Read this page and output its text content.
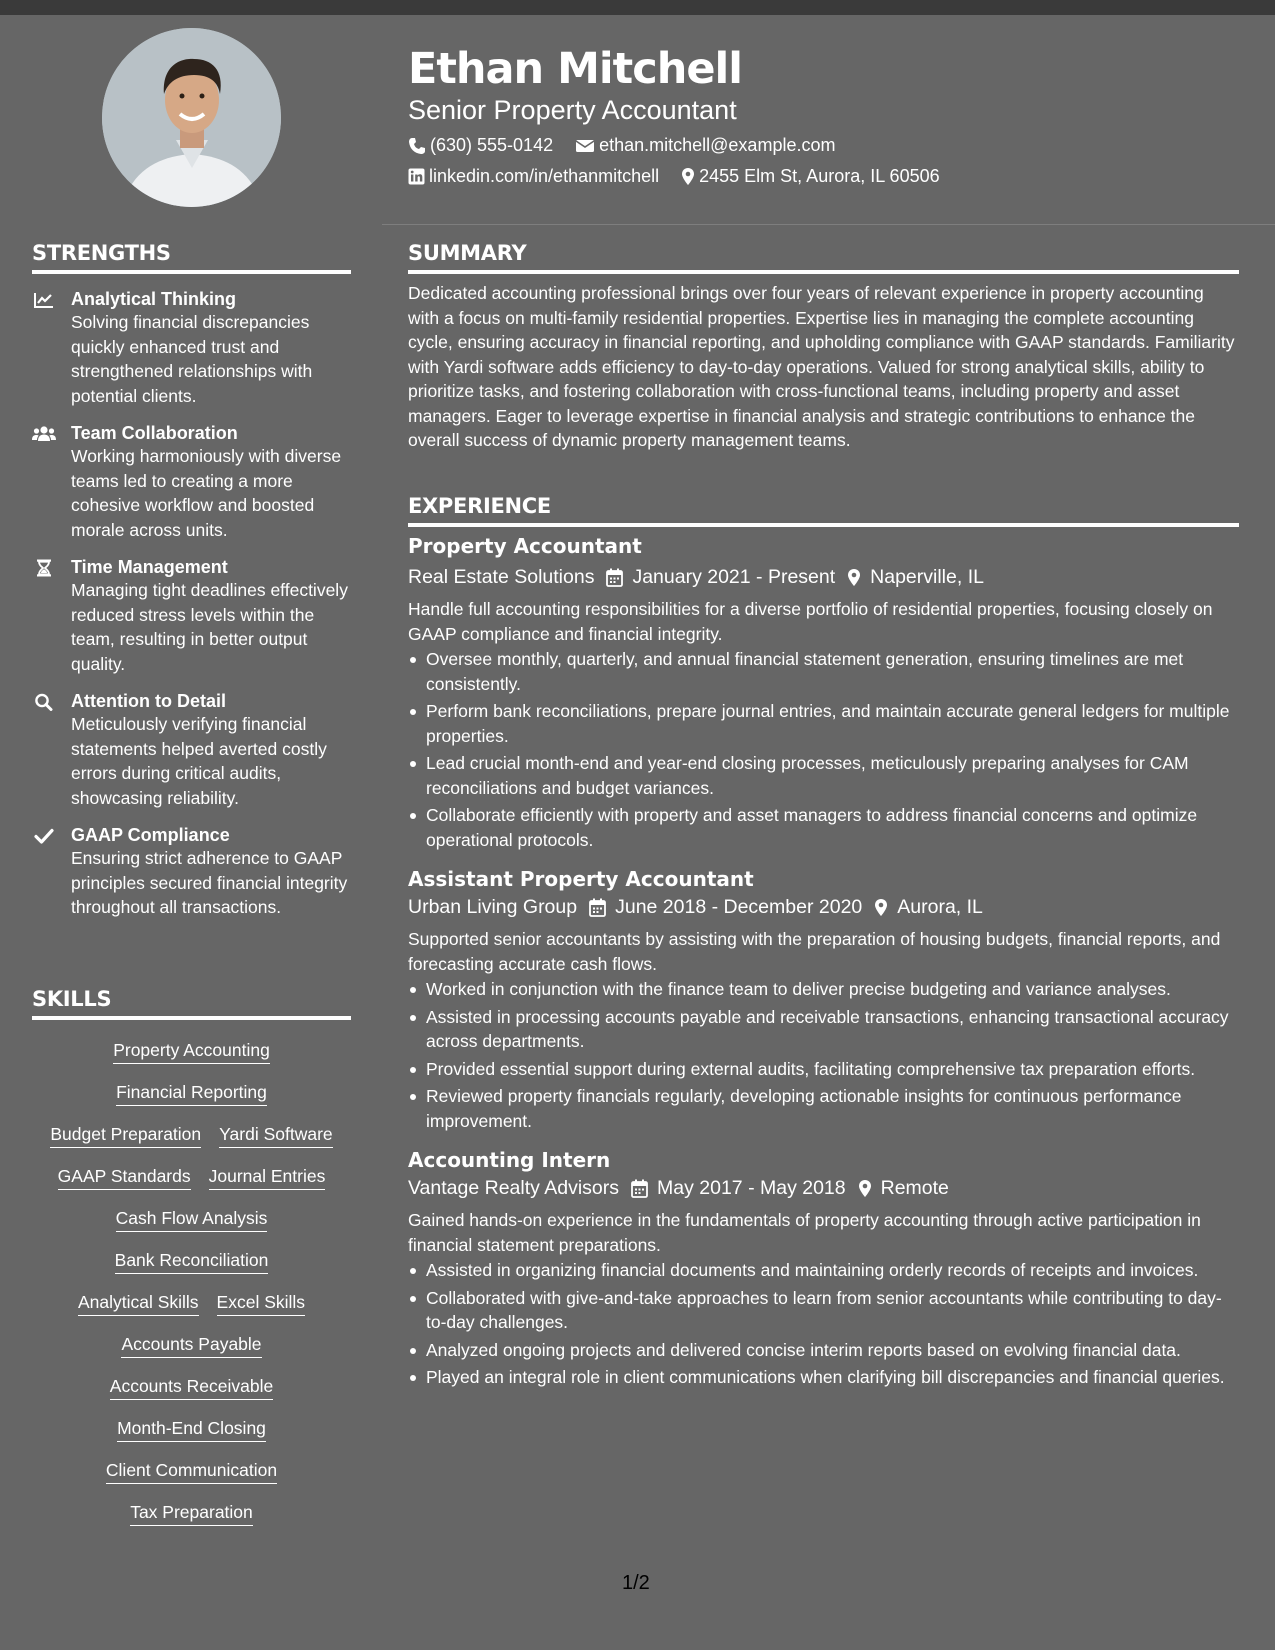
Ethan Mitchell
Senior Property Accountant
(630) 555-0142	ethan.mitchell@example.com
linkedin.com/in/ethanmitchell 2455 Elm St, Aurora, IL 60506
STRENGTHS
Analytical Thinking
Solving financial discrepancies quickly enhanced trust and strengthened relationships with potential clients.
Team Collaboration
Working harmoniously with diverse teams led to creating a more cohesive workflow and boosted morale across units.
Time Management
Managing tight deadlines effectively reduced stress levels within the team, resulting in better output quality.
Attention to Detail
Meticulously verifying financial statements helped averted costly errors during critical audits, showcasing reliability.
GAAP Compliance
Ensuring strict adherence to GAAP principles secured financial integrity throughout all transactions.
SKILLS
Property Accounting
Financial Reporting
Budget Preparation Yardi Software
GAAP Standards Journal Entries
Cash Flow Analysis
Bank Reconciliation
Analytical Skills Excel Skills
Accounts Payable
Accounts Receivable
Month-End Closing
Client Communication
Tax Preparation
SUMMARY
Dedicated accounting professional brings over four years of relevant experience in property accounting with a focus on multi-family residential properties. Expertise lies in managing the complete accounting cycle, ensuring accuracy in financial reporting, and upholding compliance with GAAP standards. Familiarity with Yardi software adds efficiency to day-to-day operations. Valued for strong analytical skills, ability to prioritize tasks, and fostering collaboration with cross-functional teams, including property and asset managers. Eager to leverage expertise in financial analysis and strategic contributions to enhance the overall success of dynamic property management teams.
EXPERIENCE
Property Accountant
Real Estate Solutions January 2021 - Present Naperville, IL
Handle full accounting responsibilities for a diverse portfolio of residential properties, focusing closely on GAAP compliance and financial integrity.
Oversee monthly, quarterly, and annual financial statement generation, ensuring timelines are met consistently.
Perform bank reconciliations, prepare journal entries, and maintain accurate general ledgers for multiple properties.
Lead crucial month-end and year-end closing processes, meticulously preparing analyses for CAM reconciliations and budget variances.
Collaborate efficiently with property and asset managers to address financial concerns and optimize operational protocols.
Assistant Property Accountant
Urban Living Group June 2018 - December 2020 Aurora, IL
Supported senior accountants by assisting with the preparation of housing budgets, financial reports, and forecasting accurate cash flows.
Worked in conjunction with the finance team to deliver precise budgeting and variance analyses.
Assisted in processing accounts payable and receivable transactions, enhancing transactional accuracy across departments.
Provided essential support during external audits, facilitating comprehensive tax preparation efforts.
Reviewed property financials regularly, developing actionable insights for continuous performance improvement.
Accounting Intern
Vantage Realty Advisors May 2017 - May 2018 Remote
Gained hands-on experience in the fundamentals of property accounting through active participation in financial statement preparations.
Assisted in organizing financial documents and maintaining orderly records of receipts and invoices.
Collaborated with give-and-take approaches to learn from senior accountants while contributing to day-to-day challenges.
Analyzed ongoing projects and delivered concise interim reports based on evolving financial data.
Played an integral role in client communications when clarifying bill discrepancies and financial queries.
1/2
